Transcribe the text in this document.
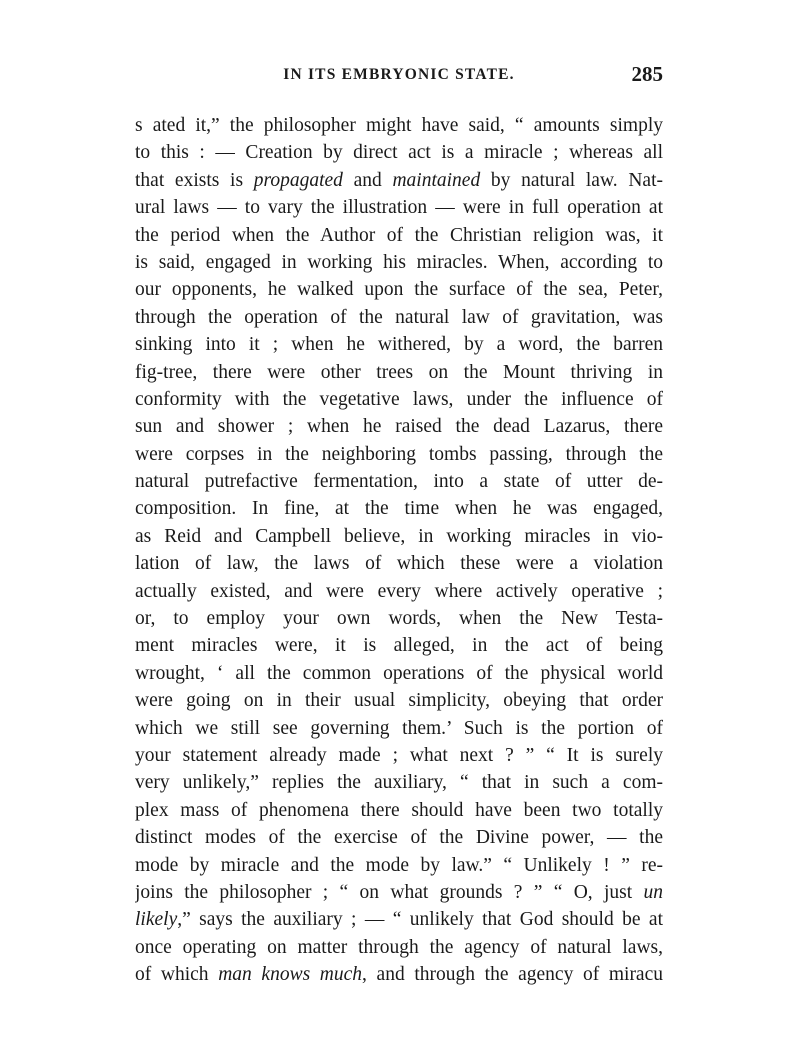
IN ITS EMBRYONIC STATE.	285
s ated it,” the philosopher might have said, “ amounts simply
to this : — Creation by direct act is a miracle ; whereas all
that exists is propagated and maintained by natural law. Nat-
ural laws — to vary the illustration — were in full operation at
the period when the Author of the Christian religion was, it
is said, engaged in working his miracles. When, according to
our opponents, he walked upon the surface of the sea, Peter,
through the operation of the natural law of gravitation, was
sinking into it ; when he withered, by a word, the barren
fig-tree, there were other trees on the Mount thriving in
conformity with the vegetative laws, under the influence of
sun and shower ; when he raised the dead Lazarus, there
were corpses in the neighboring tombs passing, through the
natural putrefactive fermentation, into a state of utter de-
composition. In fine, at the time when he was engaged,
as Reid and Campbell believe, in working miracles in vio-
lation of law, the laws of which these were a violation
actually existed, and were every where actively operative ;
or, to employ your own words, when the New Testa-
ment miracles were, it is alleged, in the act of being
wrought, ‘ all the common operations of the physical world
were going on in their usual simplicity, obeying that order
which we still see governing them.’ Such is the portion of
your statement already made ; what next ? ” “ It is surely
very unlikely,” replies the auxiliary, “ that in such a com-
plex mass of phenomena there should have been two totally
distinct modes of the exercise of the Divine power, — the
mode by miracle and the mode by law.” “ Unlikely ! ” re-
joins the philosopher ; “ on what grounds ? ” “ O, just un
likely,” says the auxiliary ; — “ unlikely that God should be at
once operating on matter through the agency of natural laws,
of which man knows much, and through the agency of miracu
